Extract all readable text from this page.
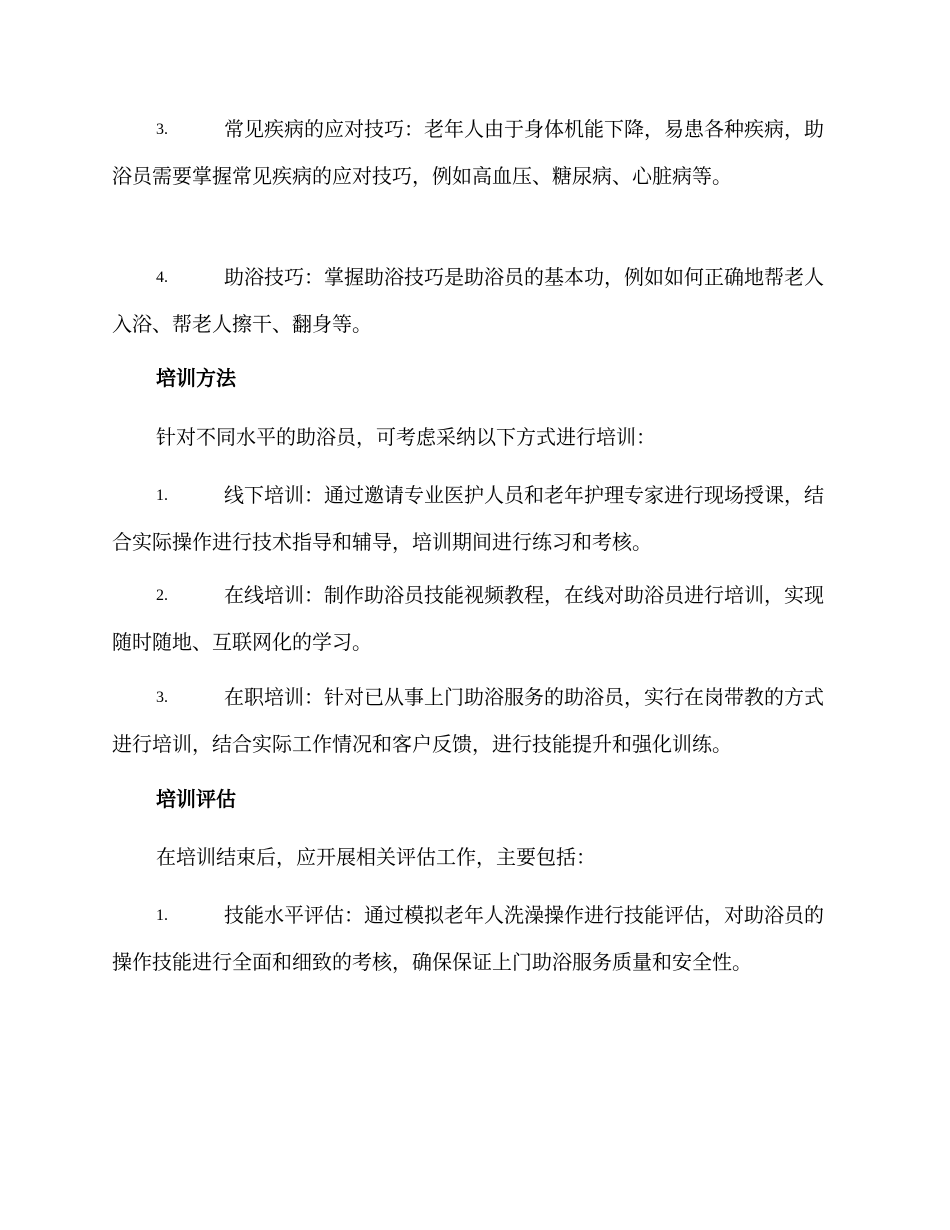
3.	常见疾病的应对技巧：老年人由于身体机能下降，易患各种疾病，助浴员需要掌握常见疾病的应对技巧，例如高血压、糖尿病、心脏病等。
4.	助浴技巧：掌握助浴技巧是助浴员的基本功，例如如何正确地帮老人入浴、帮老人擦干、翻身等。
培训方法
针对不同水平的助浴员，可考虑采纳以下方式进行培训：
1.	线下培训：通过邀请专业医护人员和老年护理专家进行现场授课，结合实际操作进行技术指导和辅导，培训期间进行练习和考核。
2.	在线培训：制作助浴员技能视频教程，在线对助浴员进行培训，实现随时随地、互联网化的学习。
3.	在职培训：针对已从事上门助浴服务的助浴员，实行在岗带教的方式进行培训，结合实际工作情况和客户反馈，进行技能提升和强化训练。
培训评估
在培训结束后，应开展相关评估工作，主要包括：
1.	技能水平评估：通过模拟老年人洗澡操作进行技能评估，对助浴员的操作技能进行全面和细致的考核，确保保证上门助浴服务质量和安全性。
